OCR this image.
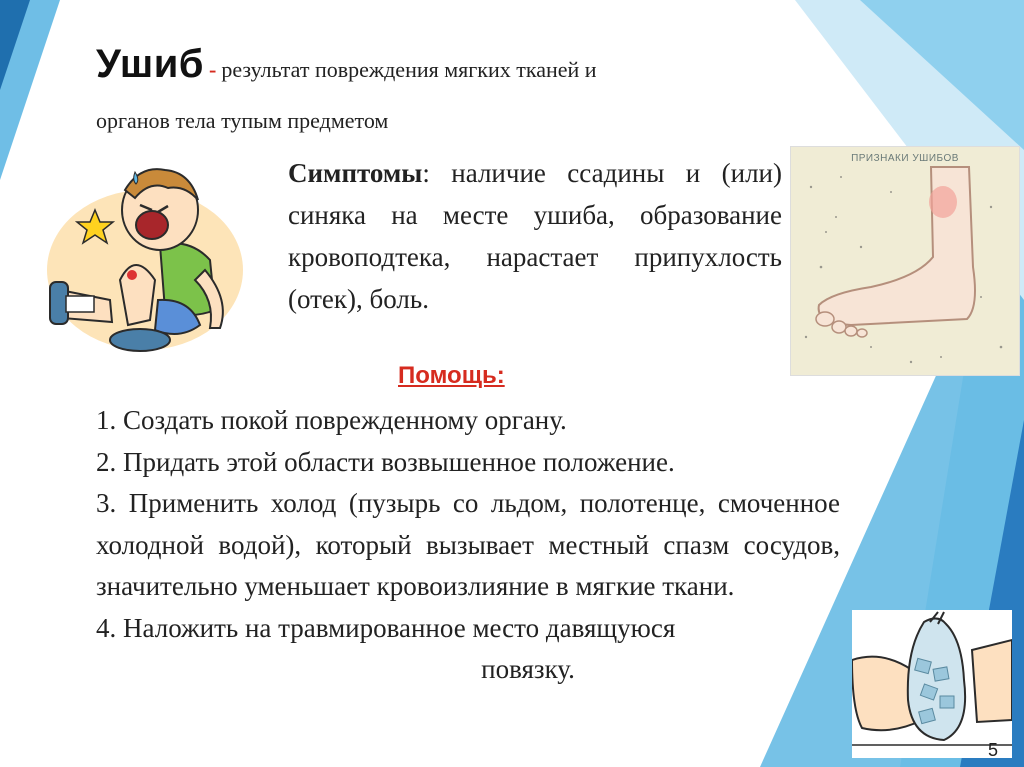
Ушиб - результат повреждения мягких тканей и
органов тела тупым предметом
ПРИЗНАКИ УШИБОВ
Симптомы: наличие ссадины и (или) синяка на месте ушиба, образование кровоподтека, нарастает припухлость (отек), боль.
Помощь:

1. Создать покой поврежденному органу.

2. Придать этой области возвышенное положение.

3. Применить холод (пузырь со льдом, полотенце, смоченное холодной водой), который вызывает местный спазм сосудов, значительно уменьшает кровоизлияние в мягкие ткани.

4. Наложить на травмированное место давящуюся

повязку.

5
